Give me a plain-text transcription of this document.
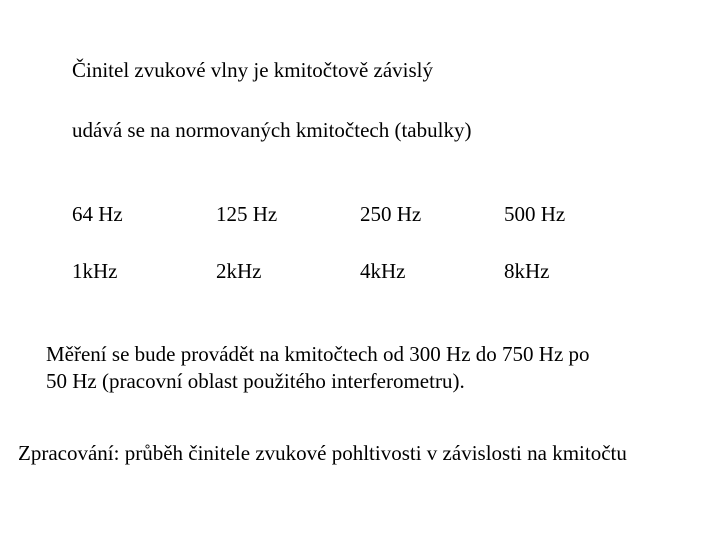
Činitel zvukové vlny je kmitočtově závislý
udává se na normovaných kmitočtech (tabulky)
64 Hz	125 Hz	250 Hz	500 Hz
1kHz	2kHz	4kHz	8kHz
Měření se bude provádět na kmitočtech od 300 Hz do 750 Hz po
50 Hz (pracovní oblast použitého interferometru).
Zpracování: průběh činitele zvukové pohltivosti v závislosti na kmitočtu
